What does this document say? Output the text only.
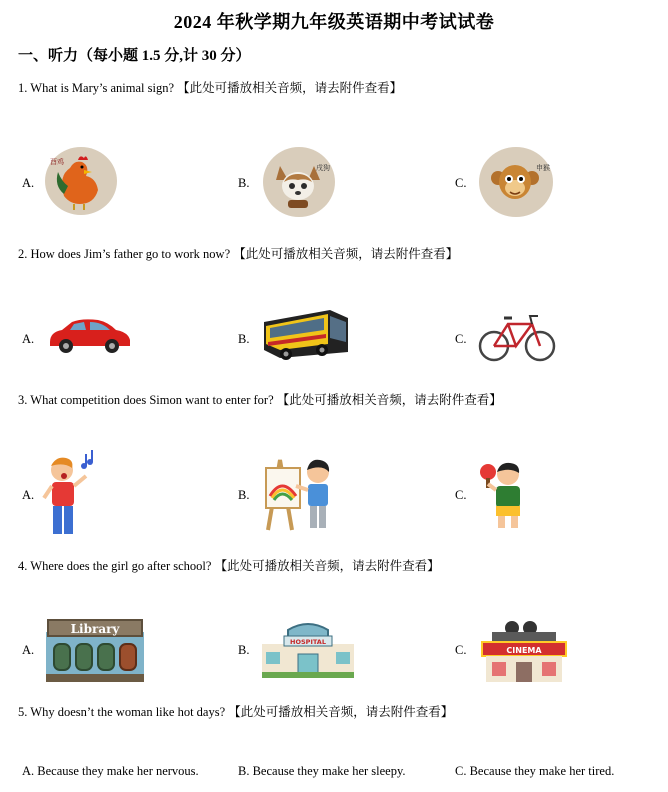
2024 年秋学期九年级英语期中考试试卷
一、听力（每小题 1.5 分,计 30 分）
1. What is Mary’s animal sign? 【此处可播放相关音频，请去附件查看】
A.
酉鸡
B.
戌狗
C.
申猴
2. How does Jim’s father go to work now? 【此处可播放相关音频，请去附件查看】
A.	B.	C.
3. What competition does Simon want to enter for? 【此处可播放相关音频，请去附件查看】
A.	B.	C.
4. Where does the girl go after school? 【此处可播放相关音频，请去附件查看】
A.
Library
B.
HOSPITAL
C.	CINEMA
5. Why doesn’t the woman like hot days? 【此处可播放相关音频，请去附件查看】
A. Because they make her nervous.	B. Because they make her sleepy.	C. Because they make her tired.
